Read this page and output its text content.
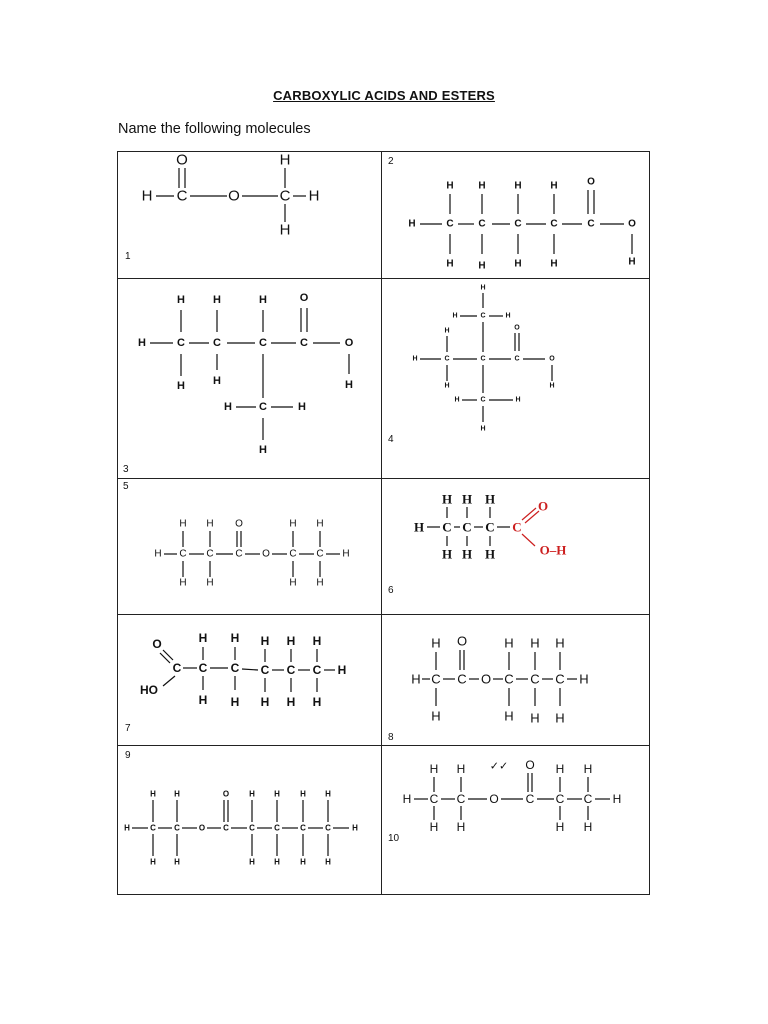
CARBOXYLIC ACIDS AND ESTERS
Name the following molecules
1
2
3
4
5
6
7
8
9
10
O
H C	O	C H
H
H
H H	H	H	O
H	C C	C	C	C	O
H H	H	H	H
H	H	H	O
H	C	C	C	C	O
H	H	H
H C	H
H
H
H	C	H
H	O
H	C	C	C	O
H	H
H	C	H
H
H H O	H H
H C C C O C C H
H H	H H
H H H
H C C C
H H H
C
O
O–H
H H H H H
O
C
HO
C C C C C H
H H H H H
H O	H H H
H C C O C C C H
H	H H H
H H	O H H	H H
H	C C O C	C C	C C	H
H H	H H	H H
H H	O H H
✓✓
H C C O C C C H
H H	H H
